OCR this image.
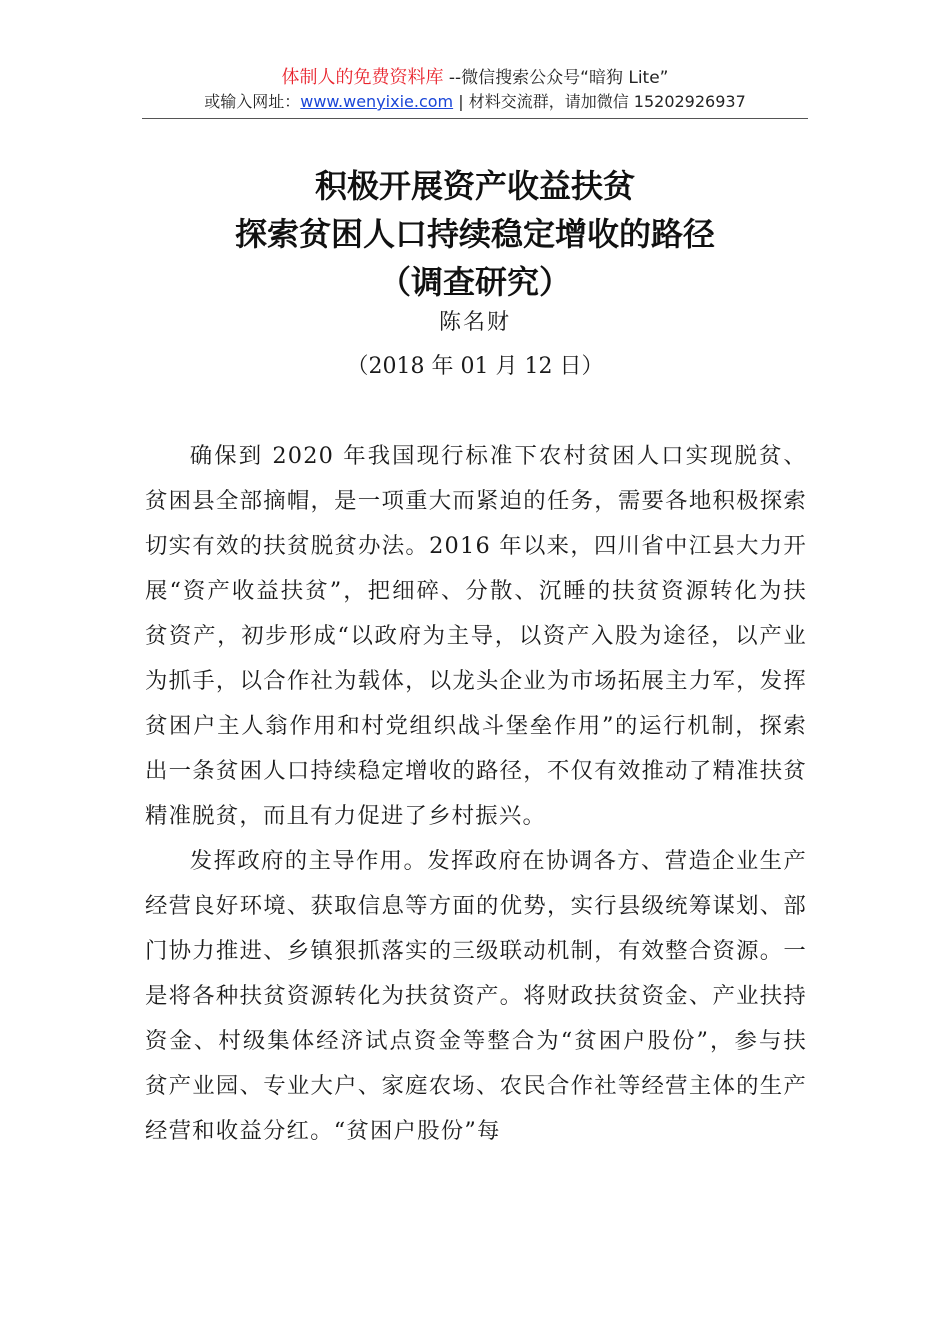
体制人的免费资料库 --微信搜索公众号“暗狗 Lite”
或输入网址：www.wenyixie.com | 材料交流群，请加微信 15202926937
积极开展资产收益扶贫
探索贫困人口持续稳定增收的路径
（调查研究）
陈名财
（2018 年 01 月 12 日）

确保到 2020 年我国现行标准下农村贫困人口实现脱贫、贫困县全部摘帽，是一项重大而紧迫的任务，需要各地积极探索切实有效的扶贫脱贫办法。2016 年以来，四川省中江县大力开展“资产收益扶贫”，把细碎、分散、沉睡的扶贫资源转化为扶贫资产，初步形成“以政府为主导，以资产入股为途径，以产业为抓手，以合作社为载体，以龙头企业为市场拓展主力军，发挥贫困户主人翁作用和村党组织战斗堡垒作用”的运行机制，探索出一条贫困人口持续稳定增收的路径，不仅有效推动了精准扶贫精准脱贫，而且有力促进了乡村振兴。

发挥政府的主导作用。发挥政府在协调各方、营造企业生产经营良好环境、获取信息等方面的优势，实行县级统筹谋划、部门协力推进、乡镇狠抓落实的三级联动机制，有效整合资源。一是将各种扶贫资源转化为扶贫资产。将财政扶贫资金、产业扶持资金、村级集体经济试点资金等整合为“贫困户股份”，参与扶贫产业园、专业大户、家庭农场、农民合作社等经营主体的生产经营和收益分红。“贫困户股份”每
